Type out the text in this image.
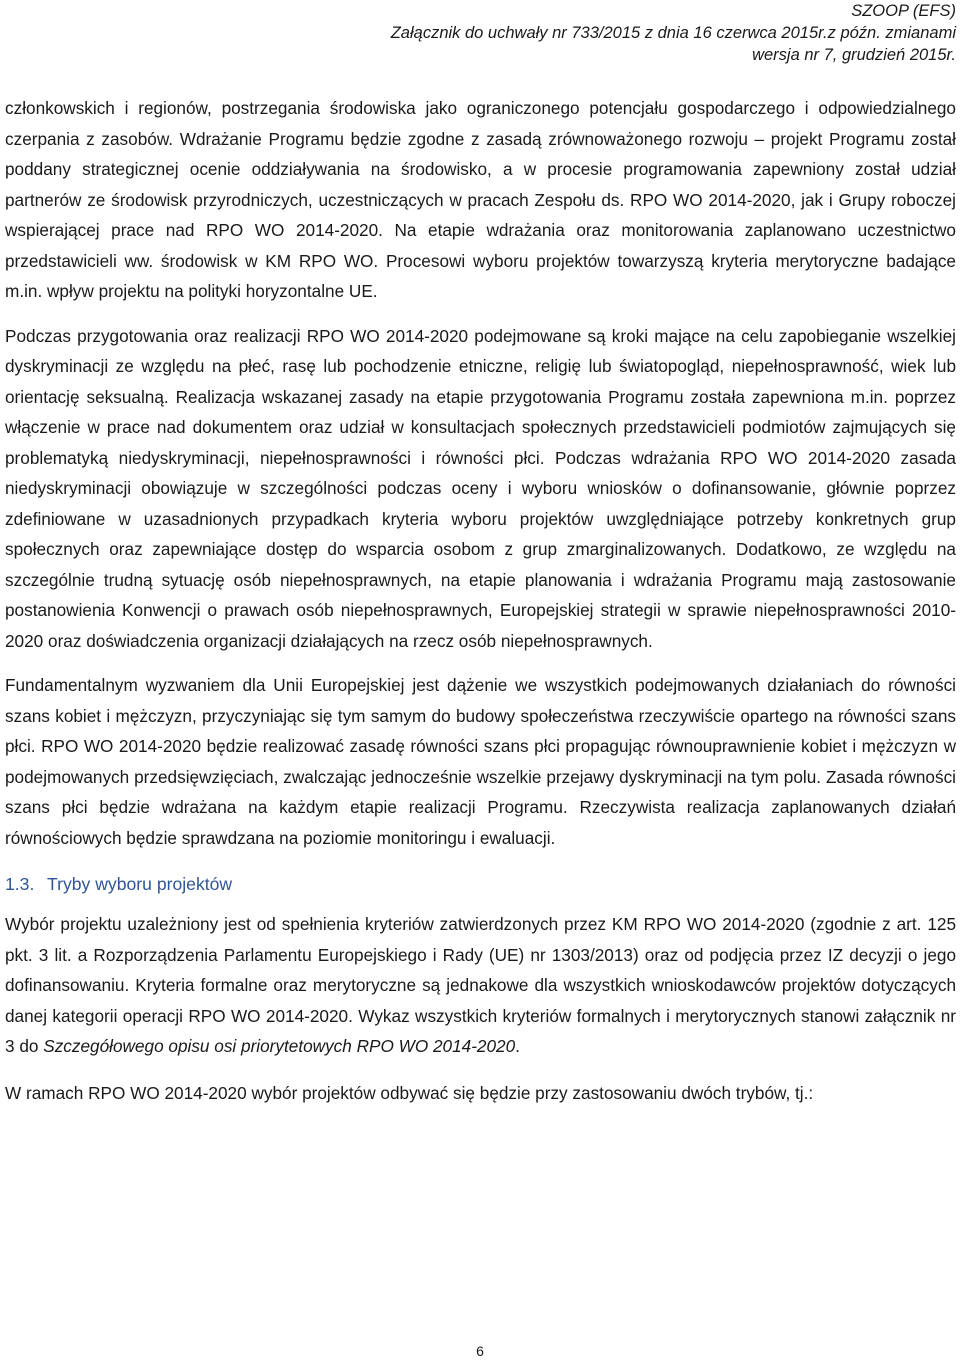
SZOOP (EFS)
Załącznik do uchwały nr 733/2015 z dnia 16 czerwca 2015r.z późn. zmianami
wersja nr 7, grudzień 2015r.

członkowskich i regionów, postrzegania środowiska jako ograniczonego potencjału gospodarczego i odpowiedzialnego czerpania z zasobów. Wdrażanie Programu będzie zgodne z zasadą zrównoważonego rozwoju – projekt Programu został poddany strategicznej ocenie oddziaływania na środowisko, a w procesie programowania zapewniony został udział partnerów ze środowisk przyrodniczych, uczestniczących w pracach Zespołu ds. RPO WO 2014-2020, jak i Grupy roboczej wspierającej prace nad RPO WO 2014-2020. Na etapie wdrażania oraz monitorowania zaplanowano uczestnictwo przedstawicieli ww. środowisk w KM RPO WO. Procesowi wyboru projektów towarzyszą kryteria merytoryczne badające m.in. wpływ projektu na polityki horyzontalne UE.

Podczas przygotowania oraz realizacji RPO WO 2014-2020 podejmowane są kroki mające na celu zapobieganie wszelkiej dyskryminacji ze względu na płeć, rasę lub pochodzenie etniczne, religię lub światopogląd, niepełnosprawność, wiek lub orientację seksualną. Realizacja wskazanej zasady na etapie przygotowania Programu została zapewniona m.in. poprzez włączenie w prace nad dokumentem oraz udział w konsultacjach społecznych przedstawicieli podmiotów zajmujących się problematyką niedyskryminacji, niepełnosprawności i równości płci. Podczas wdrażania RPO WO 2014-2020 zasada niedyskryminacji obowiązuje w szczególności podczas oceny i wyboru wniosków o dofinansowanie, głównie poprzez zdefiniowane w uzasadnionych przypadkach kryteria wyboru projektów uwzględniające potrzeby konkretnych grup społecznych oraz zapewniające dostęp do wsparcia osobom z grup zmarginalizowanych. Dodatkowo, ze względu na szczególnie trudną sytuację osób niepełnosprawnych, na etapie planowania i wdrażania Programu mają zastosowanie postanowienia Konwencji o prawach osób niepełnosprawnych, Europejskiej strategii w sprawie niepełnosprawności 2010-2020 oraz doświadczenia organizacji działających na rzecz osób niepełnosprawnych.

Fundamentalnym wyzwaniem dla Unii Europejskiej jest dążenie we wszystkich podejmowanych działaniach do równości szans kobiet i mężczyzn, przyczyniając się tym samym do budowy społeczeństwa rzeczywiście opartego na równości szans płci. RPO WO 2014-2020 będzie realizować zasadę równości szans płci propagując równouprawnienie kobiet i mężczyzn w podejmowanych przedsięwzięciach, zwalczając jednocześnie wszelkie przejawy dyskryminacji na tym polu. Zasada równości szans płci będzie wdrażana na każdym etapie realizacji Programu. Rzeczywista realizacja zaplanowanych działań równościowych będzie sprawdzana na poziomie monitoringu i ewaluacji.

1.3. Tryby wyboru projektów

Wybór projektu uzależniony jest od spełnienia kryteriów zatwierdzonych przez KM RPO WO 2014-2020 (zgodnie z art. 125 pkt. 3 lit. a Rozporządzenia Parlamentu Europejskiego i Rady (UE) nr 1303/2013) oraz od podjęcia przez IZ decyzji o jego dofinansowaniu. Kryteria formalne oraz merytoryczne są jednakowe dla wszystkich wnioskodawców projektów dotyczących danej kategorii operacji RPO WO 2014-2020. Wykaz wszystkich kryteriów formalnych i merytorycznych stanowi załącznik nr 3 do Szczegółowego opisu osi priorytetowych RPO WO 2014-2020.

W ramach RPO WO 2014-2020 wybór projektów odbywać się będzie przy zastosowaniu dwóch trybów, tj.:

6
